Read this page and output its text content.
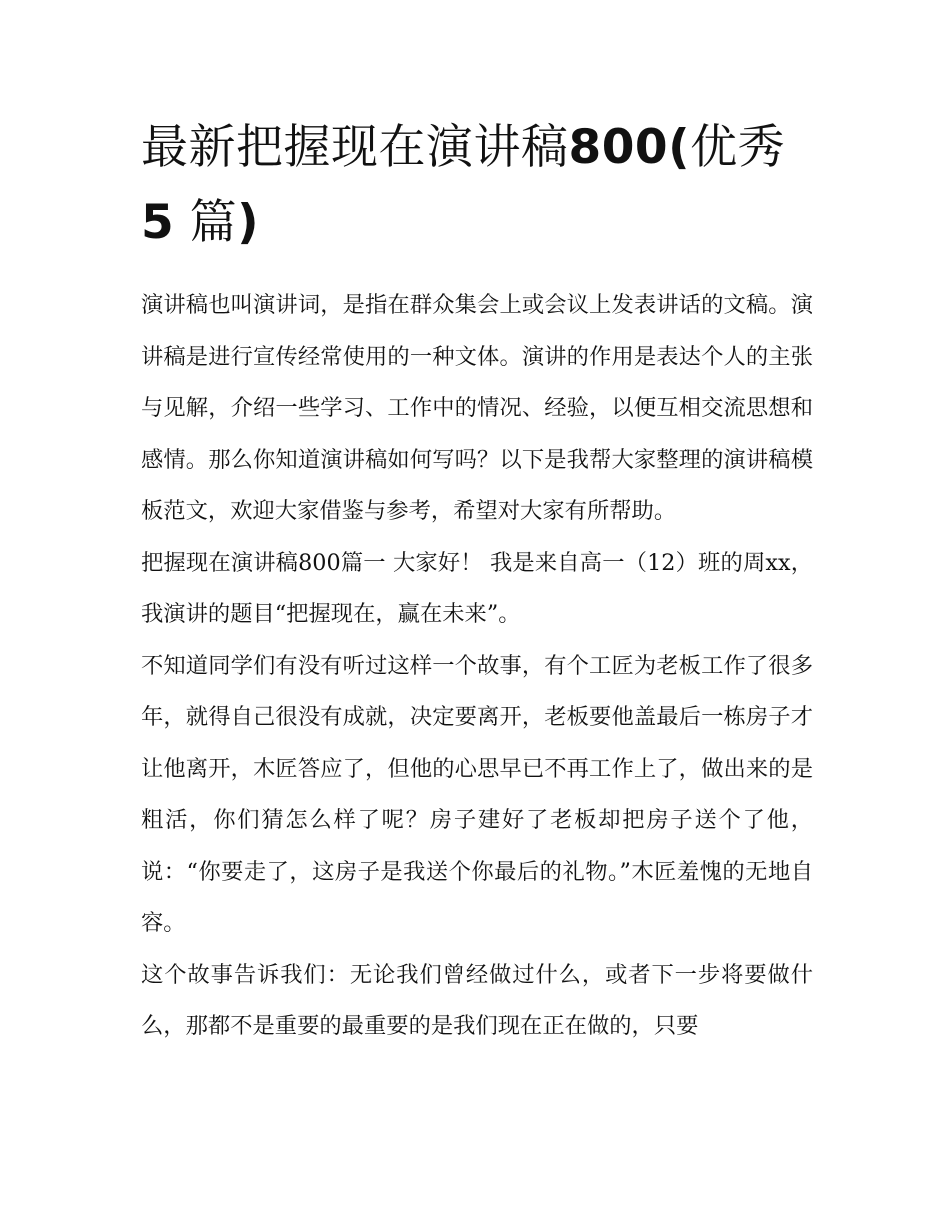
最新把握现在演讲稿800(优秀
5 篇)

演讲稿也叫演讲词，是指在群众集会上或会议上发表讲话的文稿。演讲稿是进行宣传经常使用的一种文体。演讲的作用是表达个人的主张与见解，介绍一些学习、工作中的情况、经验，以便互相交流思想和感情。那么你知道演讲稿如何写吗？以下是我帮大家整理的演讲稿模板范文，欢迎大家借鉴与参考，希望对大家有所帮助。

把握现在演讲稿800篇一 大家好！ 我是来自高一（12）班的周xx，我演讲的题目“把握现在，赢在未来”。

不知道同学们有没有听过这样一个故事，有个工匠为老板工作了很多年，就得自己很没有成就，决定要离开，老板要他盖最后一栋房子才让他离开，木匠答应了，但他的心思早已不再工作上了，做出来的是粗活，你们猜怎么样了呢？房子建好了老板却把房子送个了他，说：“你要走了，这房子是我送个你最后的礼物。”木匠羞愧的无地自容。

这个故事告诉我们：无论我们曾经做过什么，或者下一步将要做什么，那都不是重要的最重要的是我们现在正在做的，只要
